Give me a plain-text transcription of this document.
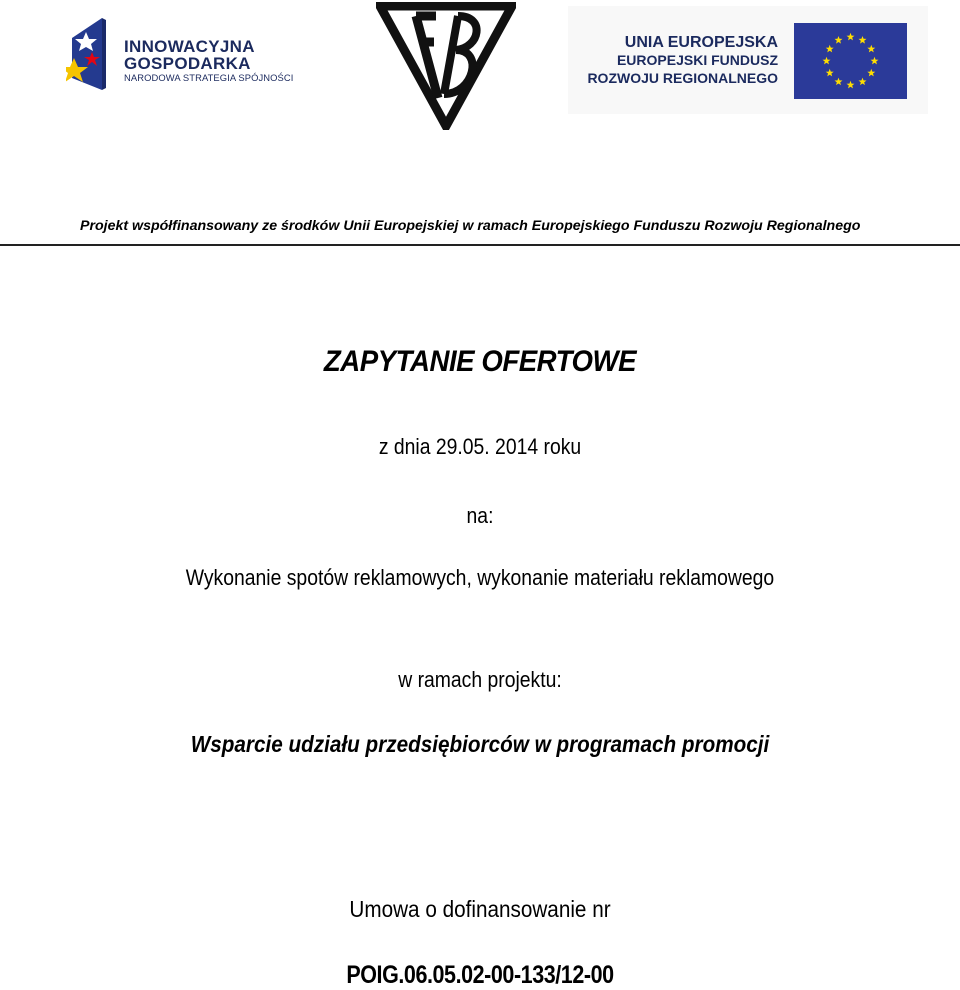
INNOWACYJNA
GOSPODARKA
NARODOWA STRATEGIA SPÓJNOŚCI
UNIA EUROPEJSKA
EUROPEJSKI FUNDUSZ
ROZWOJU REGIONALNEGO
Projekt współfinansowany ze środków Unii Europejskiej w ramach Europejskiego Funduszu Rozwoju Regionalnego
ZAPYTANIE OFERTOWE
z dnia 29.05. 2014 roku
na:
Wykonanie spotów reklamowych, wykonanie materiału reklamowego
w ramach projektu:
Wsparcie udziału przedsiębiorców w programach promocji
Umowa o dofinansowanie nr
POIG.06.05.02-00-133/12-00
